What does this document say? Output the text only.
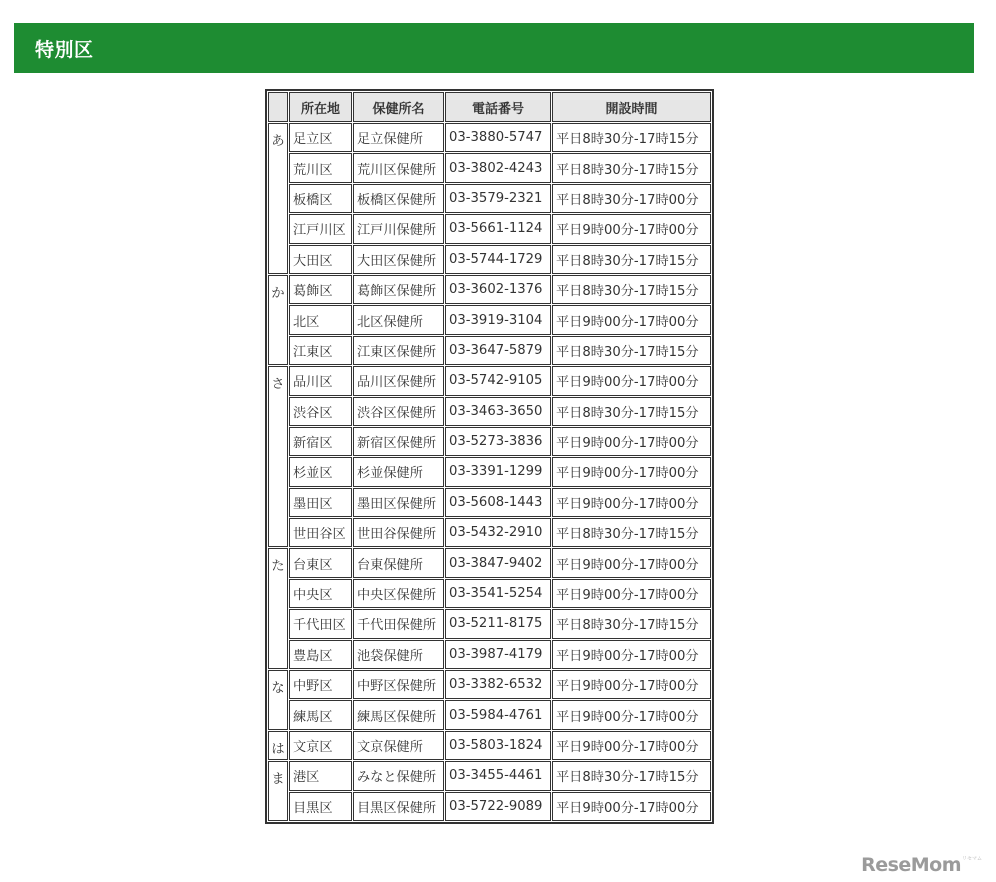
特別区
	所在地	保健所名	電話番号	開設時間
あ	足立区	足立保健所	03-3880-5747	平日8時30分-17時15分
	荒川区	荒川区保健所	03-3802-4243	平日8時30分-17時15分
	板橋区	板橋区保健所	03-3579-2321	平日8時30分-17時00分
	江戸川区	江戸川保健所	03-5661-1124	平日9時00分-17時00分
	大田区	大田区保健所	03-5744-1729	平日8時30分-17時15分
か	葛飾区	葛飾区保健所	03-3602-1376	平日8時30分-17時15分
	北区	北区保健所	03-3919-3104	平日9時00分-17時00分
	江東区	江東区保健所	03-3647-5879	平日8時30分-17時15分
さ	品川区	品川区保健所	03-5742-9105	平日9時00分-17時00分
	渋谷区	渋谷区保健所	03-3463-3650	平日8時30分-17時15分
	新宿区	新宿区保健所	03-5273-3836	平日9時00分-17時00分
	杉並区	杉並保健所	03-3391-1299	平日9時00分-17時00分
	墨田区	墨田区保健所	03-5608-1443	平日9時00分-17時00分
	世田谷区	世田谷保健所	03-5432-2910	平日8時30分-17時15分
た	台東区	台東保健所	03-3847-9402	平日9時00分-17時00分
	中央区	中央区保健所	03-3541-5254	平日9時00分-17時00分
	千代田区	千代田保健所	03-5211-8175	平日8時30分-17時15分
	豊島区	池袋保健所	03-3987-4179	平日9時00分-17時00分
な	中野区	中野区保健所	03-3382-6532	平日9時00分-17時00分
	練馬区	練馬区保健所	03-5984-4761	平日9時00分-17時00分
は	文京区	文京保健所	03-5803-1824	平日9時00分-17時00分
ま	港区	みなと保健所	03-3455-4461	平日8時30分-17時15分
	目黒区	目黒区保健所	03-5722-9089	平日9時00分-17時00分
ReseMom リセマム
